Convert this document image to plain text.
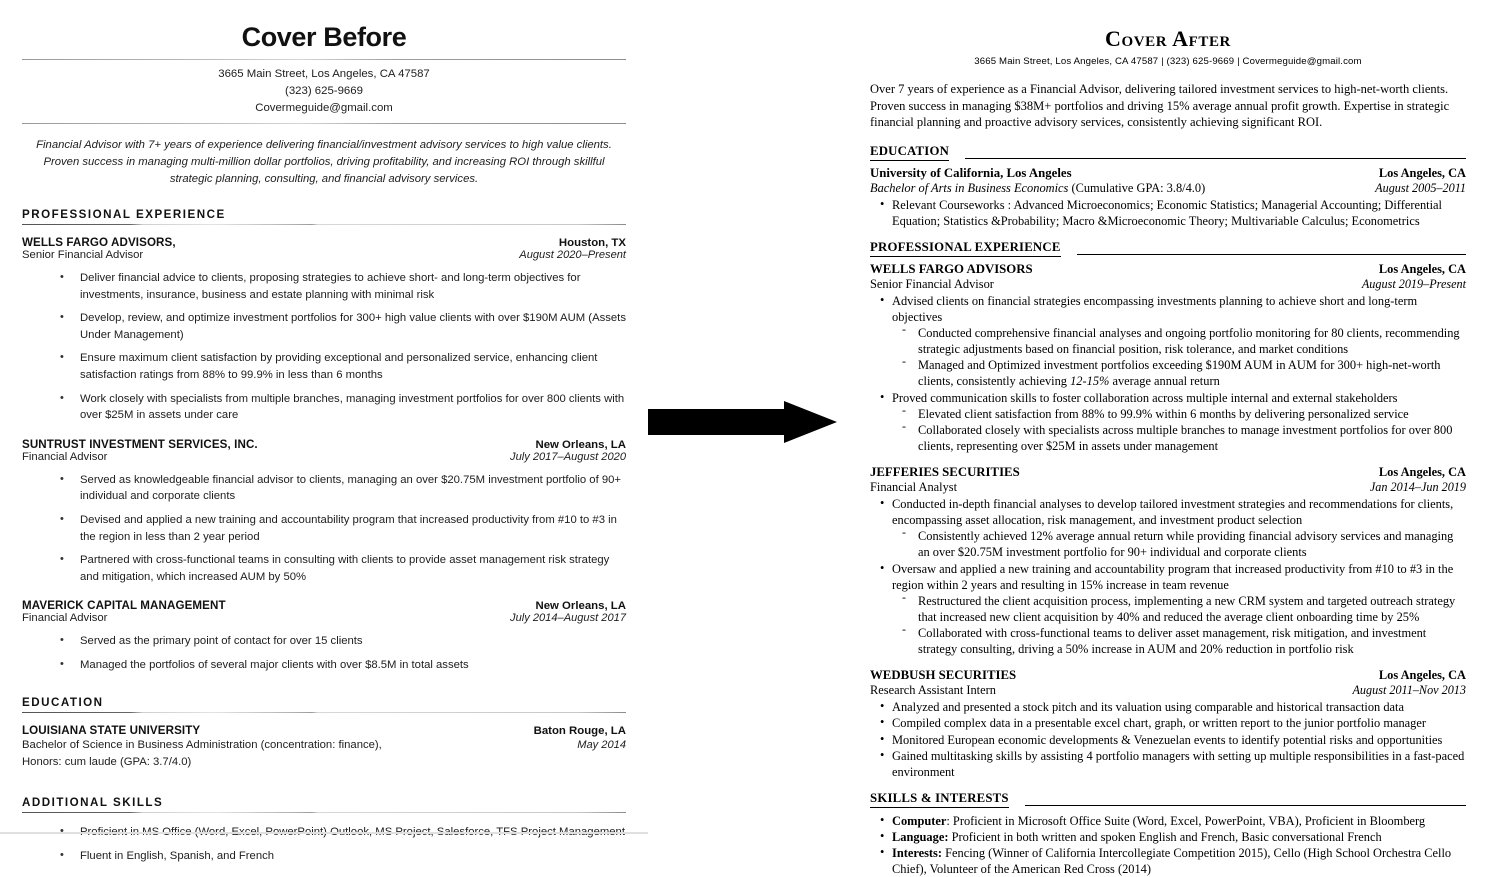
Cover Before
3665 Main Street, Los Angeles, CA 47587
(323) 625-9669
Covermeguide@gmail.com
Financial Advisor with 7+ years of experience delivering financial/investment advisory services to high value clients. Proven success in managing multi-million dollar portfolios, driving profitability, and increasing ROI through skillful strategic planning, consulting, and financial advisory services.
PROFESSIONAL EXPERIENCE
WELLS FARGO ADVISORS,	Houston, TX
Senior Financial Advisor	August 2020–Present
• Deliver financial advice to clients, proposing strategies to achieve short- and long-term objectives for investments, insurance, business and estate planning with minimal risk
• Develop, review, and optimize investment portfolios for 300+ high value clients with over $190M AUM (Assets Under Management)
• Ensure maximum client satisfaction by providing exceptional and personalized service, enhancing client satisfaction ratings from 88% to 99.9% in less than 6 months
• Work closely with specialists from multiple branches, managing investment portfolios for over 800 clients with over $25M in assets under care
SUNTRUST INVESTMENT SERVICES, INC.	New Orleans, LA
Financial Advisor	July 2017–August 2020
• Served as knowledgeable financial advisor to clients, managing an over $20.75M investment portfolio of 90+ individual and corporate clients
• Devised and applied a new training and accountability program that increased productivity from #10 to #3 in the region in less than 2 year period
• Partnered with cross-functional teams in consulting with clients to provide asset management risk strategy and mitigation, which increased AUM by 50%
MAVERICK CAPITAL MANAGEMENT	New Orleans, LA
Financial Advisor	July 2014–August 2017
• Served as the primary point of contact for over 15 clients
• Managed the portfolios of several major clients with over $8.5M in total assets
EDUCATION
LOUISIANA STATE UNIVERSITY	Baton Rouge, LA
Bachelor of Science in Business Administration (concentration: finance),	May 2014
Honors: cum laude (GPA: 3.7/4.0)
ADDITIONAL SKILLS
•
• Fluent in English, Spanish, and French
Cover After
3665 Main Street, Los Angeles, CA 47587 | (323) 625-9669 | Covermeguide@gmail.com
Over 7 years of experience as a Financial Advisor, delivering tailored investment services to high-net-worth clients. Proven success in managing $38M+ portfolios and driving 15% average annual profit growth. Expertise in strategic financial planning and proactive advisory services, consistently achieving significant ROI.
EDUCATION
University of California, Los Angeles	Los Angeles, CA
Bachelor of Arts in Business Economics (Cumulative GPA: 3.8/4.0)	August 2005–2011
• Relevant Courseworks : Advanced Microeconomics; Economic Statistics; Managerial Accounting; Differential Equation; Statistics &Probability; Macro &Microeconomic Theory; Multivariable Calculus; Econometrics
PROFESSIONAL EXPERIENCE
WELLS FARGO ADVISORS	Los Angeles, CA
Senior Financial Advisor	August 2019–Present
• Advised clients on financial strategies encompassing investments planning to achieve short and long-term objectives
- Conducted comprehensive financial analyses and ongoing portfolio monitoring for 80 clients, recommending strategic adjustments based on financial position, risk tolerance, and market conditions
- Managed and Optimized investment portfolios exceeding $190M AUM in AUM for 300+ high-net-worth clients, consistently achieving 12-15% average annual return
• Proved communication skills to foster collaboration across multiple internal and external stakeholders
- Elevated client satisfaction from 88% to 99.9% within 6 months by delivering personalized service
- Collaborated closely with specialists across multiple branches to manage investment portfolios for over 800 clients, representing over $25M in assets under management
JEFFERIES SECURITIES	Los Angeles, CA
Financial Analyst	Jan 2014–Jun 2019
• Conducted in-depth financial analyses to develop tailored investment strategies and recommendations for clients, encompassing asset allocation, risk management, and investment product selection
- Consistently achieved 12% average annual return while providing financial advisory services and managing an over $20.75M investment portfolio for 90+ individual and corporate clients
• Oversaw and applied a new training and accountability program that increased productivity from #10 to #3 in the region within 2 years and resulting in 15% increase in team revenue
- Restructured the client acquisition process, implementing a new CRM system and targeted outreach strategy that increased new client acquisition by 40% and reduced the average client onboarding time by 25%
- Collaborated with cross-functional teams to deliver asset management, risk mitigation, and investment strategy consulting, driving a 50% increase in AUM and 20% reduction in portfolio risk
WEDBUSH SECURITIES	Los Angeles, CA
Research Assistant Intern	August 2011–Nov 2013
• Analyzed and presented a stock pitch and its valuation using comparable and historical transaction data
• Compiled complex data in a presentable excel chart, graph, or written report to the junior portfolio manager
• Monitored European economic developments & Venezuelan events to identify potential risks and opportunities
• Gained multitasking skills by assisting 4 portfolio managers with setting up multiple responsibilities in a fast-paced environment
SKILLS & INTERESTS
• Computer: Proficient in Microsoft Office Suite (Word, Excel, PowerPoint, VBA), Proficient in Bloomberg
• Language: Proficient in both written and spoken English and French, Basic conversational French
• Interests: Fencing (Winner of California Intercollegiate Competition 2015), Cello (High School Orchestra Cello Chief), Volunteer of the American Red Cross (2014)
